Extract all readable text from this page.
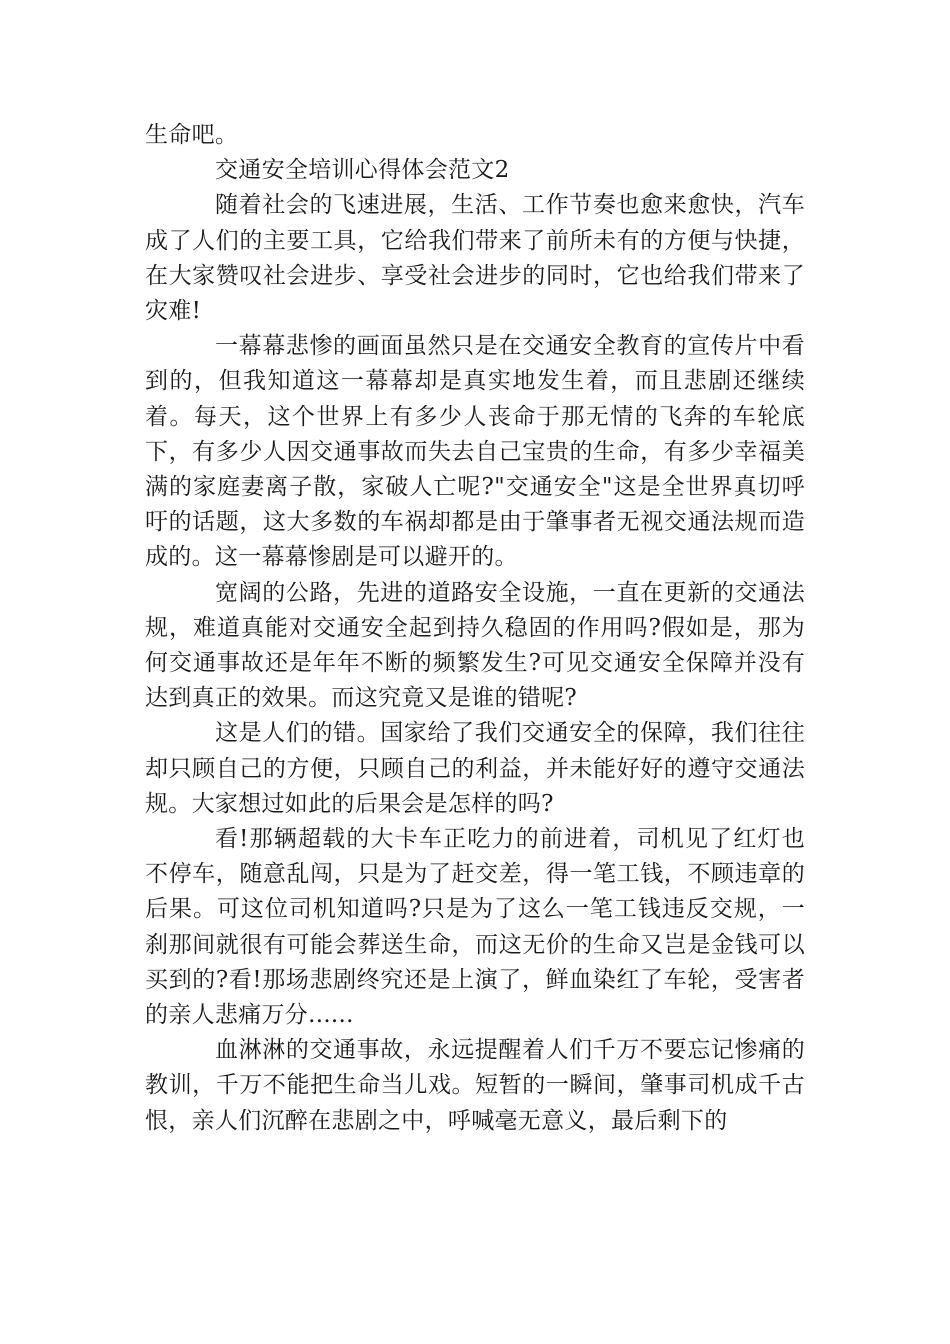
生命吧。

交通安全培训心得体会范文2

随着社会的飞速进展，生活、工作节奏也愈来愈快，汽车成了人们的主要工具，它给我们带来了前所未有的方便与快捷，在大家赞叹社会进步、享受社会进步的同时，它也给我们带来了灾难!

一幕幕悲惨的画面虽然只是在交通安全教育的宣传片中看到的，但我知道这一幕幕却是真实地发生着，而且悲剧还继续着。每天，这个世界上有多少人丧命于那无情的飞奔的车轮底下，有多少人因交通事故而失去自己宝贵的生命，有多少幸福美满的家庭妻离子散，家破人亡呢?"交通安全"这是全世界真切呼吁的话题，这大多数的车祸却都是由于肇事者无视交通法规而造成的。这一幕幕惨剧是可以避开的。

宽阔的公路，先进的道路安全设施，一直在更新的交通法规，难道真能对交通安全起到持久稳固的作用吗?假如是，那为何交通事故还是年年不断的频繁发生?可见交通安全保障并没有达到真正的效果。而这究竟又是谁的错呢?

这是人们的错。国家给了我们交通安全的保障，我们往往却只顾自己的方便，只顾自己的利益，并未能好好的遵守交通法规。大家想过如此的后果会是怎样的吗?

看!那辆超载的大卡车正吃力的前进着，司机见了红灯也不停车，随意乱闯，只是为了赶交差，得一笔工钱，不顾违章的后果。可这位司机知道吗?只是为了这么一笔工钱违反交规，一刹那间就很有可能会葬送生命，而这无价的生命又岂是金钱可以买到的?看!那场悲剧终究还是上演了，鲜血染红了车轮，受害者的亲人悲痛万分......

血淋淋的交通事故，永远提醒着人们千万不要忘记惨痛的教训，千万不能把生命当儿戏。短暂的一瞬间，肇事司机成千古恨，亲人们沉醉在悲剧之中，呼喊毫无意义，最后剩下的
